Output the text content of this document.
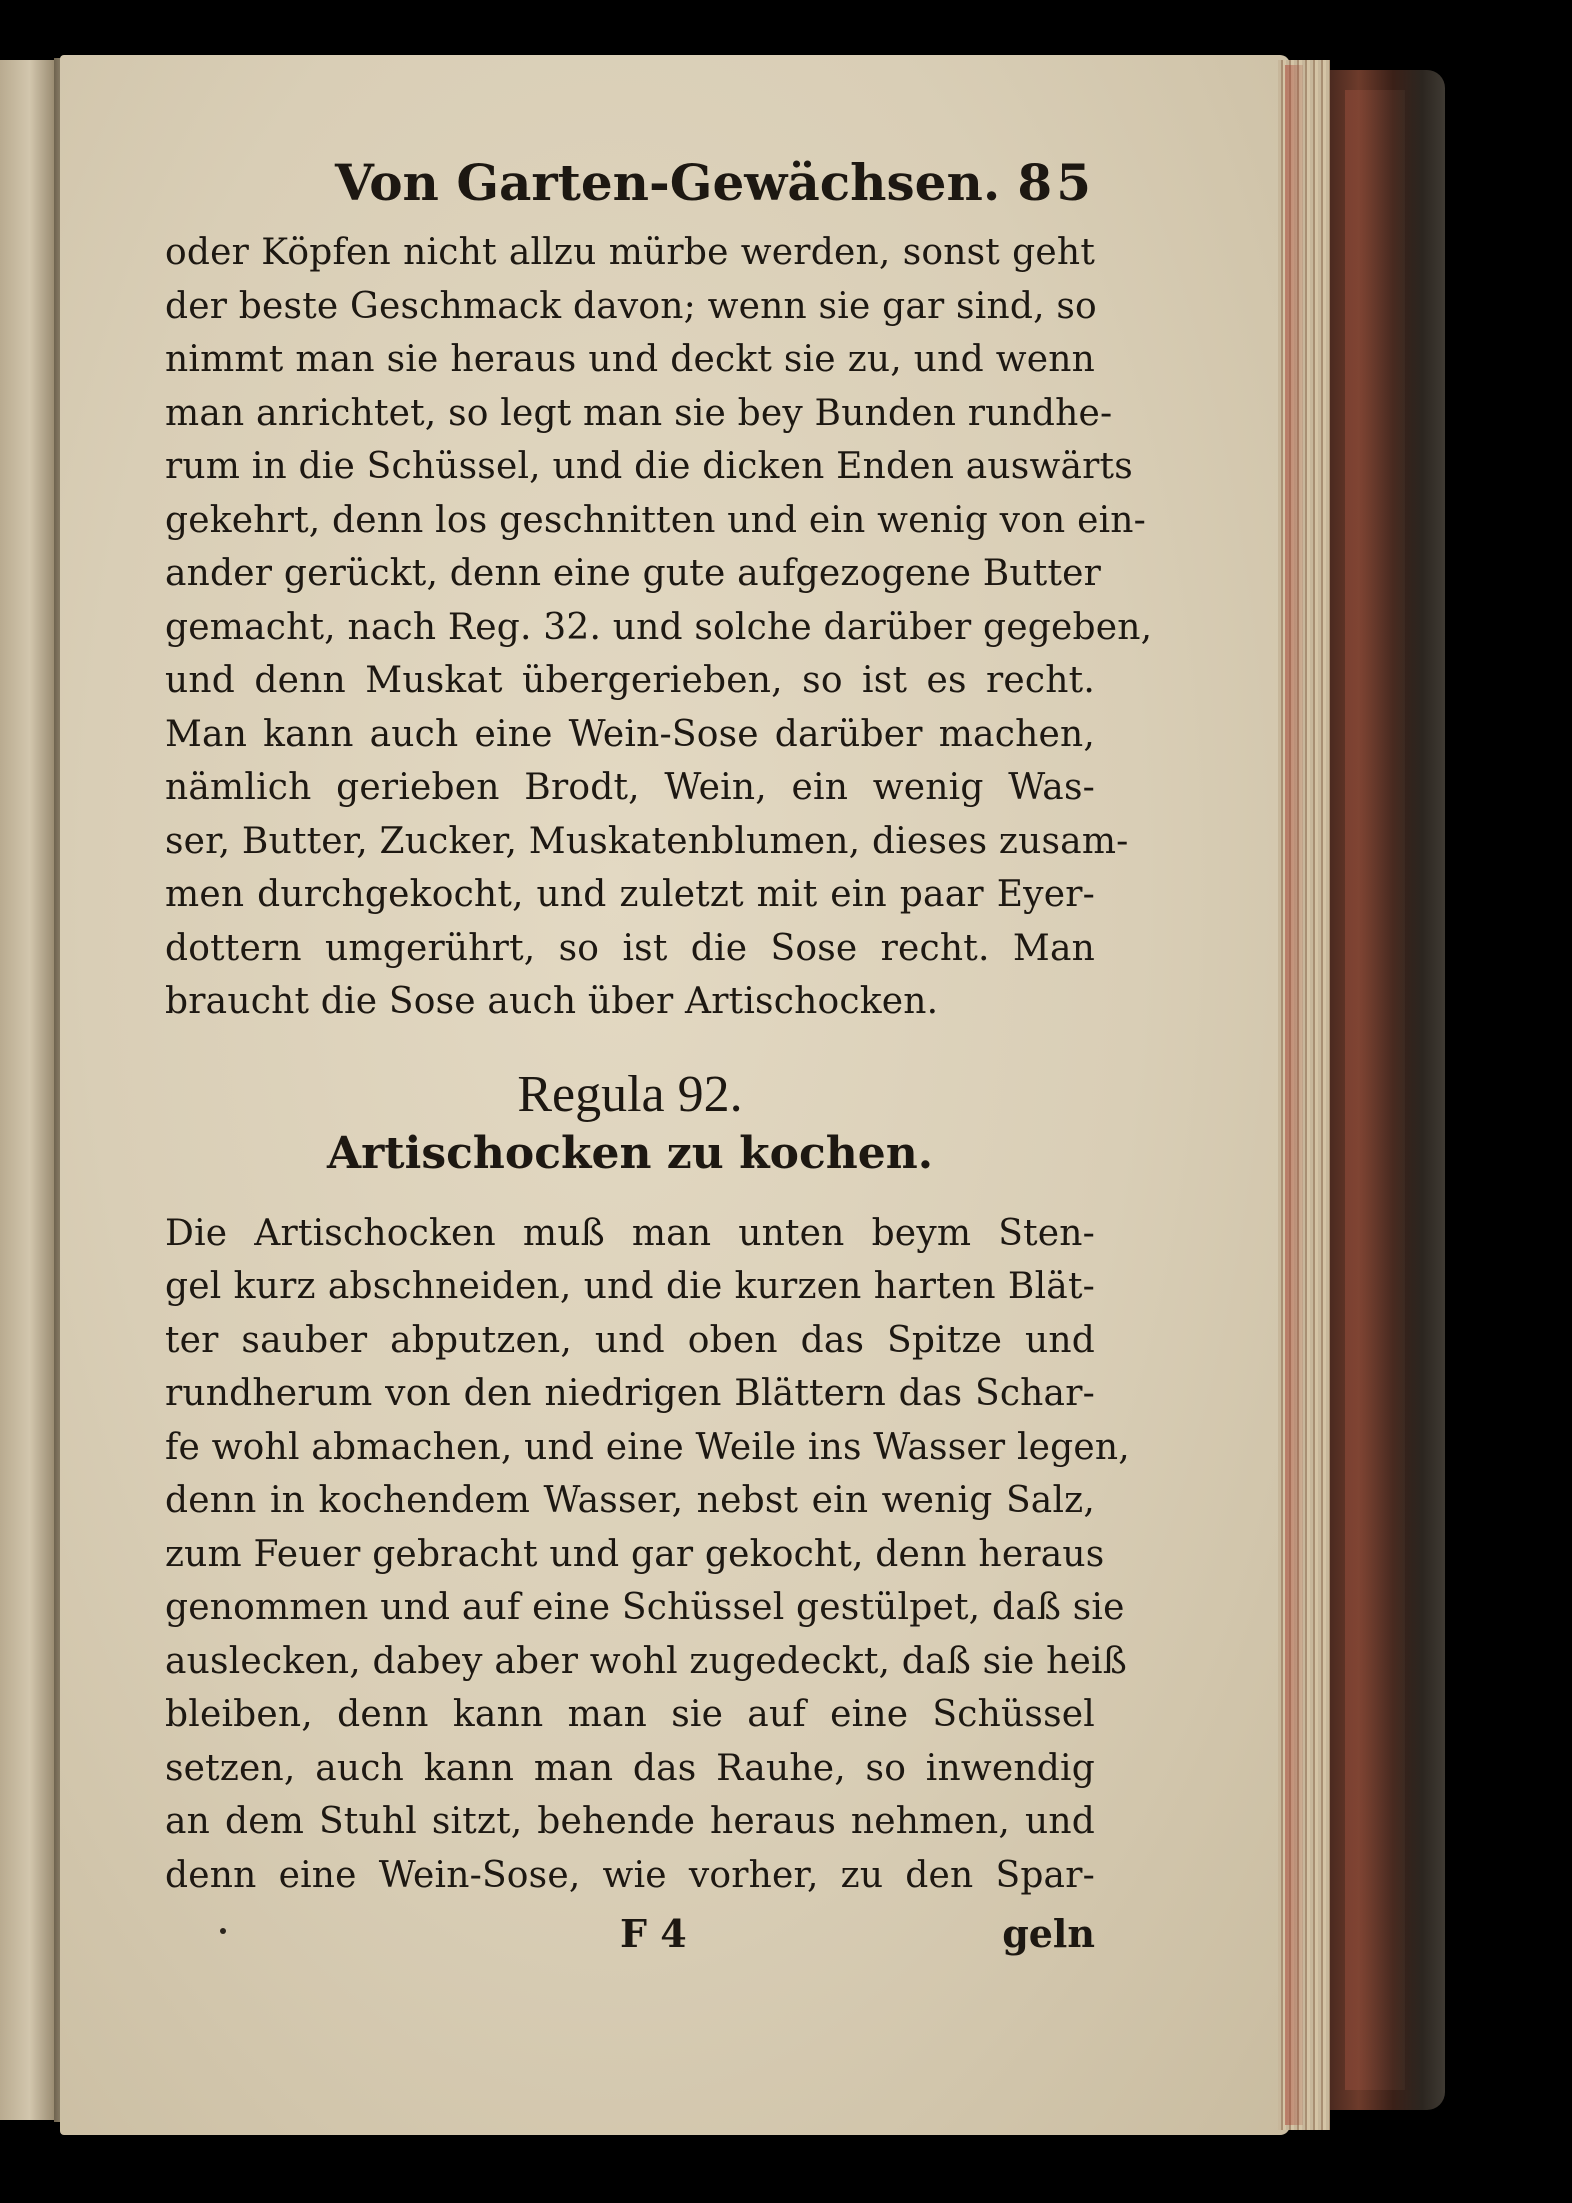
Von Garten-Gewächsen. 85

oder Köpfen nicht allzu mürbe werden, sonst geht
der beste Geschmack davon; wenn sie gar sind, so
nimmt man sie heraus und deckt sie zu, und wenn
man anrichtet, so legt man sie bey Bunden rundhe-
rum in die Schüssel, und die dicken Enden auswärts
gekehrt, denn los geschnitten und ein wenig von ein-
ander gerückt, denn eine gute aufgezogene Butter
gemacht, nach Reg. 32. und solche darüber gegeben,
und denn Muskat übergerieben, so ist es recht.
Man kann auch eine Wein-Sose darüber machen,
nämlich gerieben Brodt, Wein, ein wenig Was-
ser, Butter, Zucker, Muskatenblumen, dieses zusam-
men durchgekocht, und zuletzt mit ein paar Eyer-
dottern umgerührt, so ist die Sose recht. Man
braucht die Sose auch über Artischocken.

Regula 92.
Artischocken zu kochen.

Die Artischocken muß man unten beym Sten-
gel kurz abschneiden, und die kurzen harten Blät-
ter sauber abputzen, und oben das Spitze und
rundherum von den niedrigen Blättern das Schar-
fe wohl abmachen, und eine Weile ins Wasser legen,
denn in kochendem Wasser, nebst ein wenig Salz,
zum Feuer gebracht und gar gekocht, denn heraus
genommen und auf eine Schüssel gestülpet, daß sie
auslecken, dabey aber wohl zugedeckt, daß sie heiß
bleiben, denn kann man sie auf eine Schüssel
setzen, auch kann man das Rauhe, so inwendig
an dem Stuhl sitzt, behende heraus nehmen, und
denn eine Wein-Sose, wie vorher, zu den Spar-

F 4	geln
